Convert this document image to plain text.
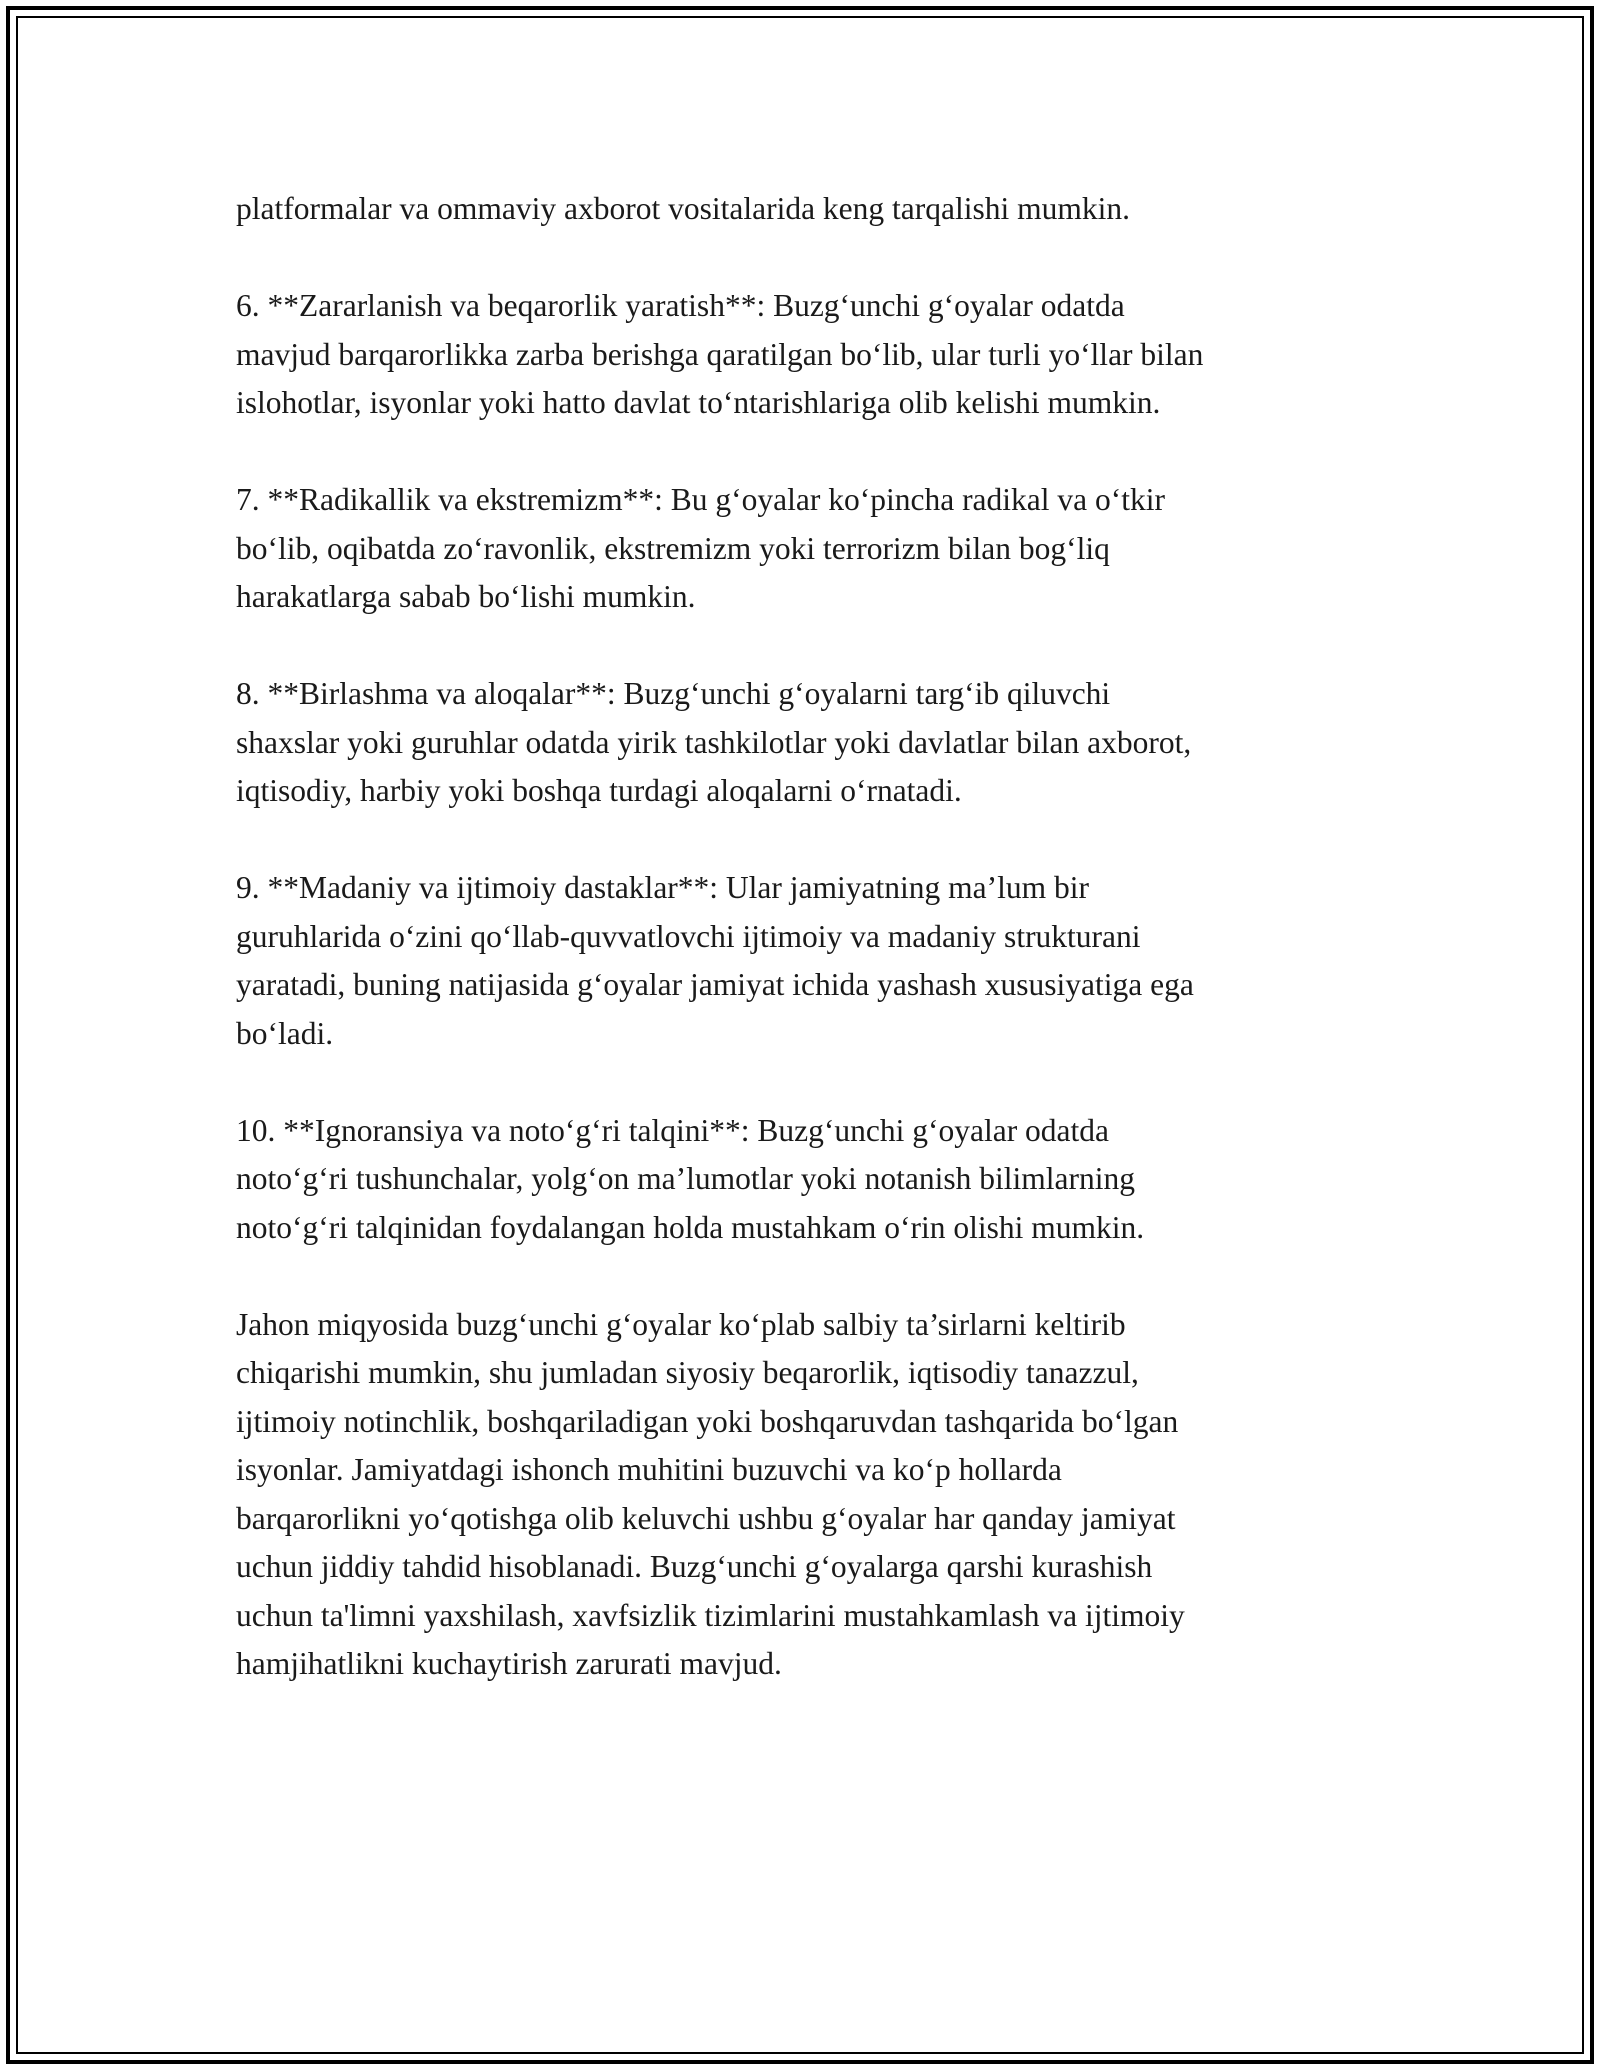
platformalar va ommaviy axborot vositalarida keng tarqalishi mumkin.

6. **Zararlanish va beqarorlik yaratish**: Buzg‘unchi g‘oyalar odatda
mavjud barqarorlikka zarba berishga qaratilgan bo‘lib, ular turli yo‘llar bilan
islohotlar, isyonlar yoki hatto davlat to‘ntarishlariga olib kelishi mumkin.

7. **Radikallik va ekstremizm**: Bu g‘oyalar ko‘pincha radikal va o‘tkir
bo‘lib, oqibatda zo‘ravonlik, ekstremizm yoki terrorizm bilan bog‘liq
harakatlarga sabab bo‘lishi mumkin.

8. **Birlashma va aloqalar**: Buzg‘unchi g‘oyalarni targ‘ib qiluvchi
shaxslar yoki guruhlar odatda yirik tashkilotlar yoki davlatlar bilan axborot,
iqtisodiy, harbiy yoki boshqa turdagi aloqalarni o‘rnatadi.

9. **Madaniy va ijtimoiy dastaklar**: Ular jamiyatning ma’lum bir
guruhlarida o‘zini qo‘llab-quvvatlovchi ijtimoiy va madaniy strukturani
yaratadi, buning natijasida g‘oyalar jamiyat ichida yashash xususiyatiga ega
bo‘ladi.

10. **Ignoransiya va noto‘g‘ri talqini**: Buzg‘unchi g‘oyalar odatda
noto‘g‘ri tushunchalar, yolg‘on ma’lumotlar yoki notanish bilimlarning
noto‘g‘ri talqinidan foydalangan holda mustahkam o‘rin olishi mumkin.

Jahon miqyosida buzg‘unchi g‘oyalar ko‘plab salbiy ta’sirlarni keltirib
chiqarishi mumkin, shu jumladan siyosiy beqarorlik, iqtisodiy tanazzul,
ijtimoiy notinchlik, boshqariladigan yoki boshqaruvdan tashqarida bo‘lgan
isyonlar. Jamiyatdagi ishonch muhitini buzuvchi va ko‘p hollarda
barqarorlikni yo‘qotishga olib keluvchi ushbu g‘oyalar har qanday jamiyat
uchun jiddiy tahdid hisoblanadi. Buzg‘unchi g‘oyalarga qarshi kurashish
uchun ta'limni yaxshilash, xavfsizlik tizimlarini mustahkamlash va ijtimoiy
hamjihatlikni kuchaytirish zarurati mavjud.
